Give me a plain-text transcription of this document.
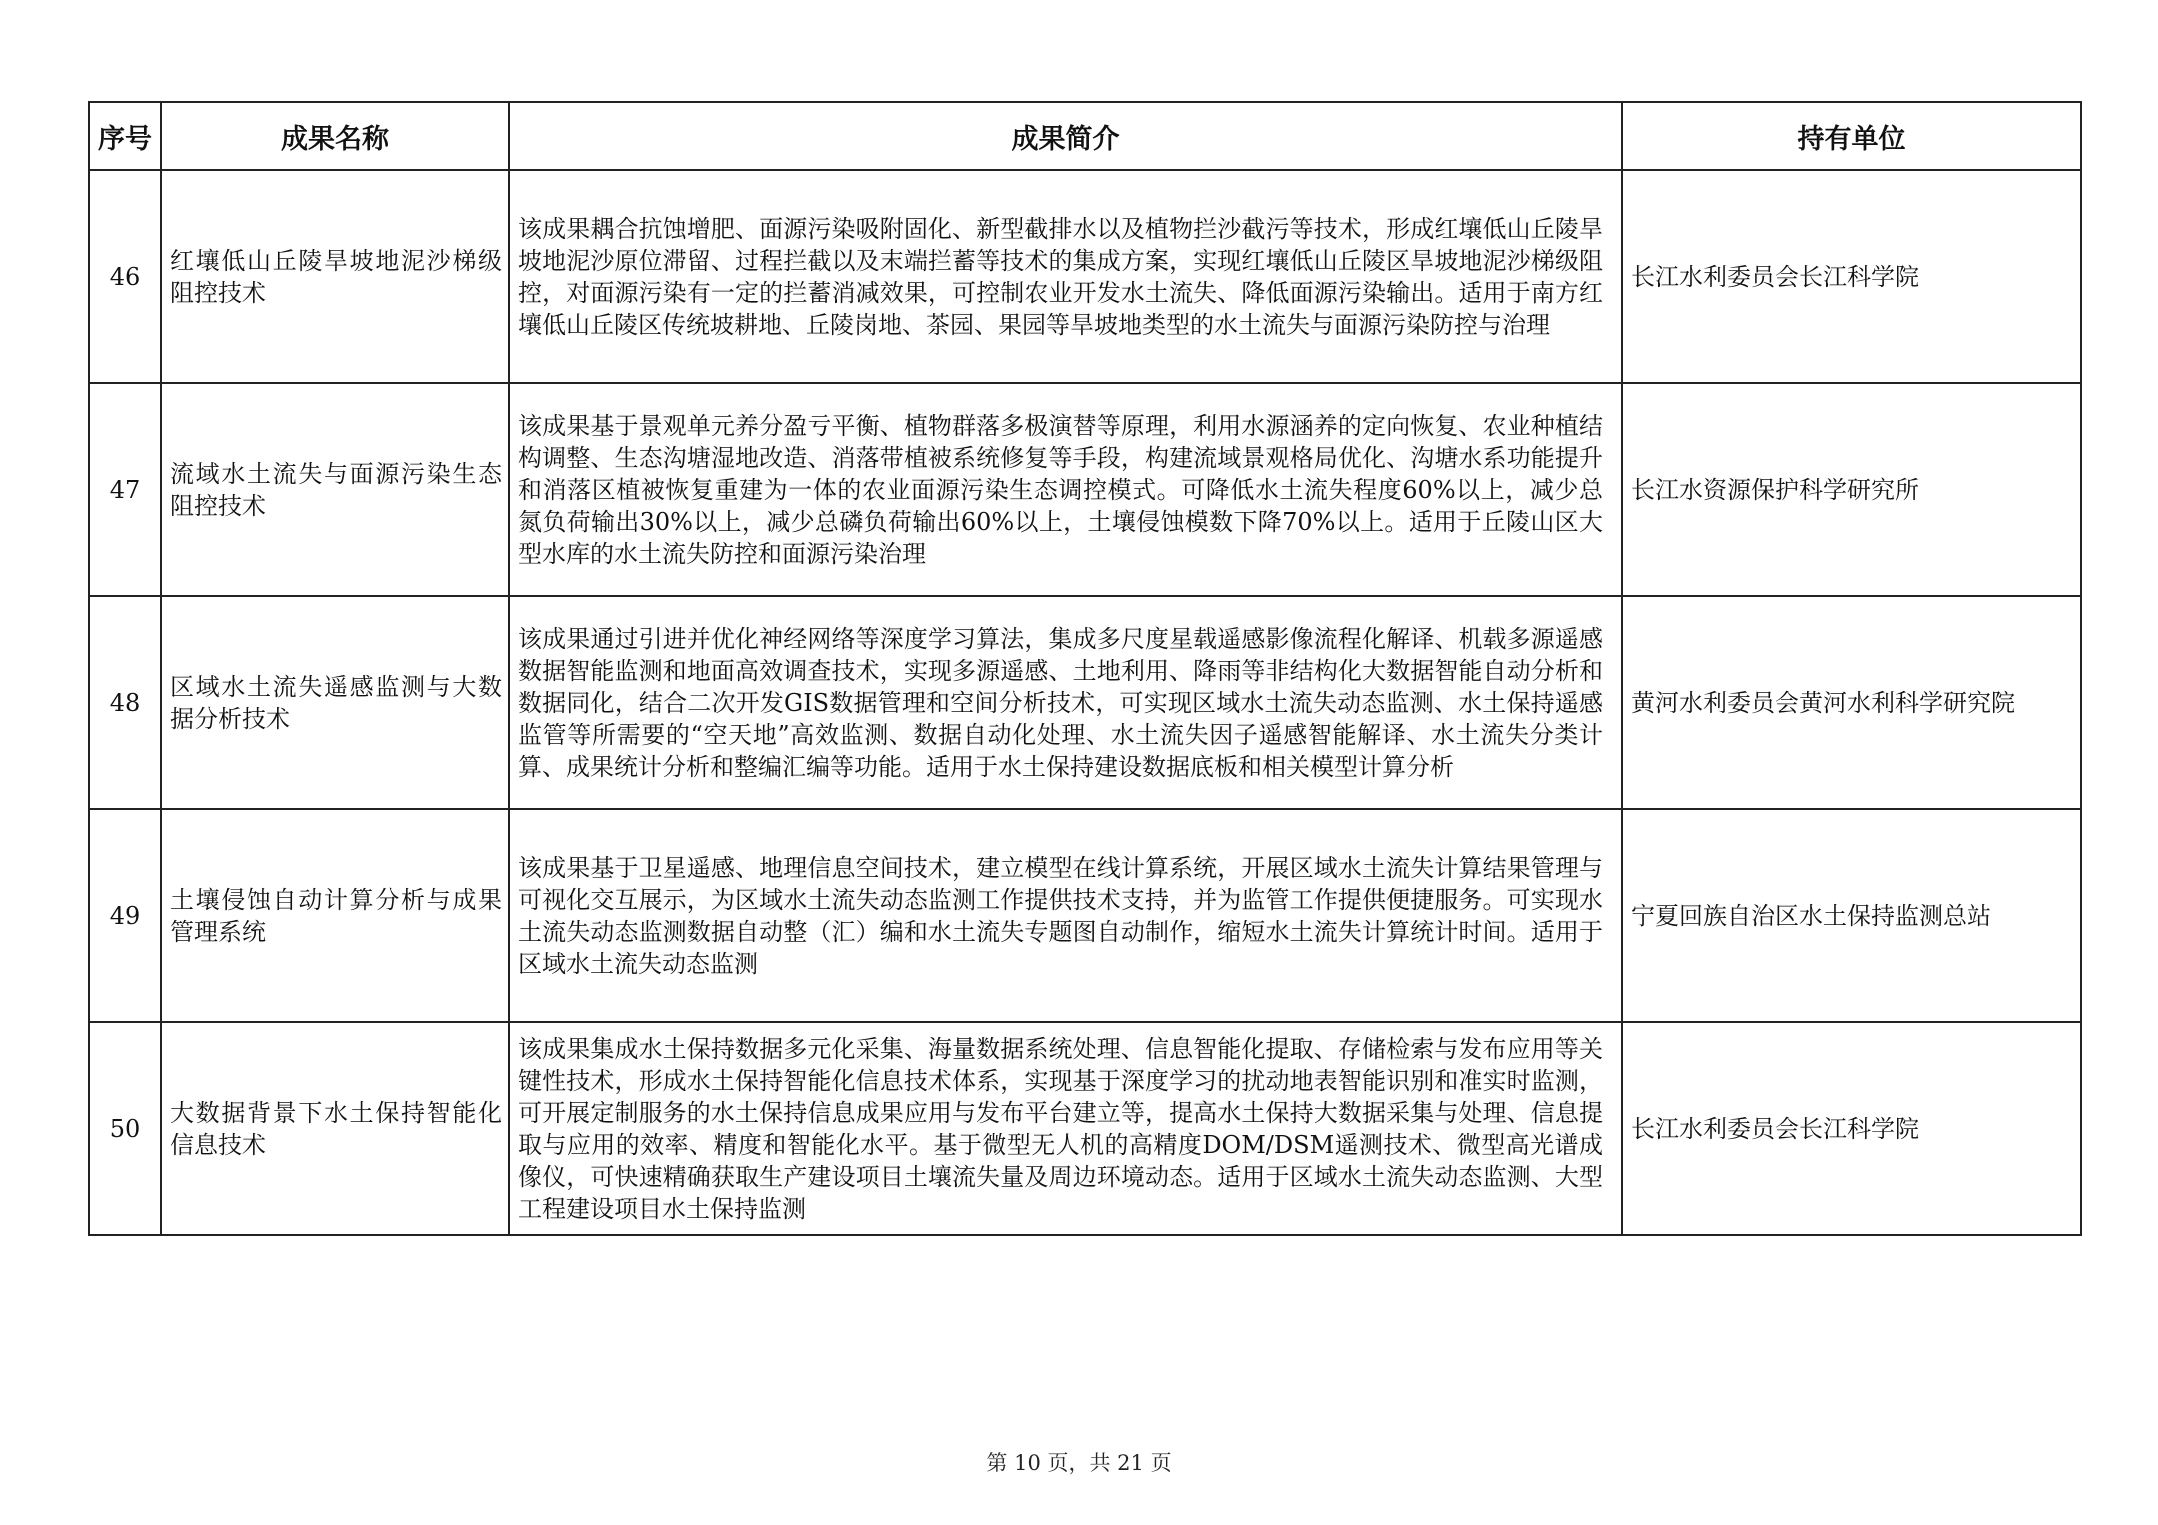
序号	成果名称	成果简介	持有单位
46	红壤低山丘陵旱坡地泥沙梯级阻控技术	该成果耦合抗蚀增肥、面源污染吸附固化、新型截排水以及植物拦沙截污等技术，形成红壤低山丘陵旱坡地泥沙原位滞留、过程拦截以及末端拦蓄等技术的集成方案，实现红壤低山丘陵区旱坡地泥沙梯级阻控，对面源污染有一定的拦蓄消减效果，可控制农业开发水土流失、降低面源污染输出。适用于南方红壤低山丘陵区传统坡耕地、丘陵岗地、茶园、果园等旱坡地类型的水土流失与面源污染防控与治理	长江水利委员会长江科学院
47	流域水土流失与面源污染生态阻控技术	该成果基于景观单元养分盈亏平衡、植物群落多极演替等原理，利用水源涵养的定向恢复、农业种植结构调整、生态沟塘湿地改造、消落带植被系统修复等手段，构建流域景观格局优化、沟塘水系功能提升和消落区植被恢复重建为一体的农业面源污染生态调控模式。可降低水土流失程度60%以上，减少总氮负荷输出30%以上，减少总磷负荷输出60%以上，土壤侵蚀模数下降70%以上。适用于丘陵山区大型水库的水土流失防控和面源污染治理	长江水资源保护科学研究所
48	区域水土流失遥感监测与大数据分析技术	该成果通过引进并优化神经网络等深度学习算法，集成多尺度星载遥感影像流程化解译、机载多源遥感数据智能监测和地面高效调查技术，实现多源遥感、土地利用、降雨等非结构化大数据智能自动分析和数据同化，结合二次开发GIS数据管理和空间分析技术，可实现区域水土流失动态监测、水土保持遥感监管等所需要的“空天地”高效监测、数据自动化处理、水土流失因子遥感智能解译、水土流失分类计算、成果统计分析和整编汇编等功能。适用于水土保持建设数据底板和相关模型计算分析	黄河水利委员会黄河水利科学研究院
49	土壤侵蚀自动计算分析与成果管理系统	该成果基于卫星遥感、地理信息空间技术，建立模型在线计算系统，开展区域水土流失计算结果管理与可视化交互展示，为区域水土流失动态监测工作提供技术支持，并为监管工作提供便捷服务。可实现水土流失动态监测数据自动整（汇）编和水土流失专题图自动制作，缩短水土流失计算统计时间。适用于区域水土流失动态监测	宁夏回族自治区水土保持监测总站
50	大数据背景下水土保持智能化信息技术	该成果集成水土保持数据多元化采集、海量数据系统处理、信息智能化提取、存储检索与发布应用等关键性技术，形成水土保持智能化信息技术体系，实现基于深度学习的扰动地表智能识别和准实时监测，可开展定制服务的水土保持信息成果应用与发布平台建立等，提高水土保持大数据采集与处理、信息提取与应用的效率、精度和智能化水平。基于微型无人机的高精度DOM/DSM遥测技术、微型高光谱成像仪，可快速精确获取生产建设项目土壤流失量及周边环境动态。适用于区域水土流失动态监测、大型工程建设项目水土保持监测	长江水利委员会长江科学院
第 10 页，共 21 页
